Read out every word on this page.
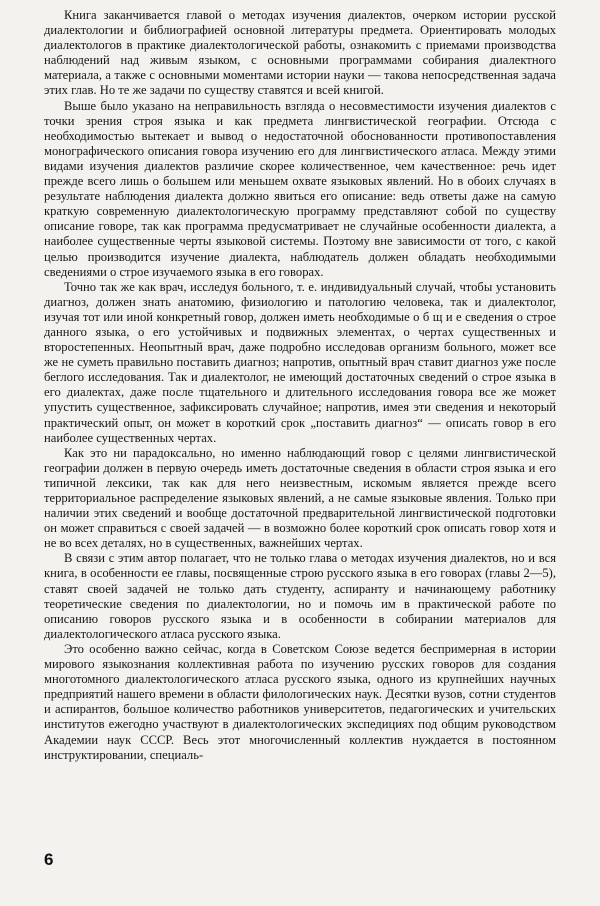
Книга заканчивается главой о методах изучения диалектов, очерком истории русской диалектологии и библиографией основной литературы предмета. Ориентировать молодых диалектологов в практике диалектологической работы, ознакомить с приемами производства наблюдений над живым языком, с основными программами собирания диалектного материала, а также с основными моментами истории науки — такова непосредственная задача этих глав. Но те же задачи по существу ставятся и всей книгой.

Выше было указано на неправильность взгляда о несовместимости изучения диалектов с точки зрения строя языка и как предмета лингвистической географии. Отсюда с необходимостью вытекает и вывод о недостаточной обоснованности противопоставления монографического описания говора изучению его для лингвистического атласа. Между этими видами изучения диалектов различие скорее количественное, чем качественное: речь идет прежде всего лишь о большем или меньшем охвате языковых явлений. Но в обоих случаях в результате наблюдения диалекта должно явиться его описание: ведь ответы даже на самую краткую современную диалектологическую программу представляют собой по существу описание говоре, так как программа предусматривает не случайные особенности диалекта, а наиболее существенные черты языковой системы. Поэтому вне зависимости от того, с какой целью производится изучение диалекта, наблюдатель должен обладать необходимыми сведениями о строе изучаемого языка в его говорах.

Точно так же как врач, исследуя больного, т. е. индивидуальный случай, чтобы установить диагноз, должен знать анатомию, физиологию и патологию человека, так и диалектолог, изучая тот или иной конкретный говор, должен иметь необходимые о б щ и е сведения о строе данного языка, о его устойчивых и подвижных элементах, о чертах существенных и второстепенных. Неопытный врач, даже подробно исследовав организм больного, может все же не суметь правильно поставить диагноз; напротив, опытный врач ставит диагноз уже после беглого исследования. Так и диалектолог, не имеющий достаточных сведений о строе языка в его диалектах, даже после тщательного и длительного исследования говора все же может упустить существенное, зафиксировать случайное; напротив, имея эти сведения и некоторый практический опыт, он может в короткий срок „поставить диагноз“ — описать говор в его наиболее существенных чертах.

Как это ни парадоксально, но именно наблюдающий говор с целями лингвистической географии должен в первую очередь иметь достаточные сведения в области строя языка и его типичной лексики, так как для него неизвестным, искомым является прежде всего территориальное распределение языковых явлений, а не самые языковые явления. Только при наличии этих сведений и вообще достаточной предварительной лингвистической подготовки он может справиться с своей задачей — в возможно более короткий срок описать говор хотя и не во всех деталях, но в существенных, важнейших чертах.

В связи с этим автор полагает, что не только глава о методах изучения диалектов, но и вся книга, в особенности ее главы, посвященные строю русского языка в его говорах (главы 2—5), ставят своей задачей не только дать студенту, аспиранту и начинающему работнику теоретические сведения по диалектологии, но и помочь им в практической работе по описанию говоров русского языка и в особенности в собирании материалов для диалектологического атласа русского языка.

Это особенно важно сейчас, когда в Советском Союзе ведется беспримерная в истории мирового языкознания коллективная работа по изучению русских говоров для создания многотомного диалектологического атласа русского языка, одного из крупнейших научных предприятий нашего времени в области филологических наук. Десятки вузов, сотни студентов и аспирантов, большое количество работников университетов, педагогических и учительских институтов ежегодно участвуют в диалектологических экспедициях под общим руководством Академии наук СССР. Весь этот многочисленный коллектив нуждается в постоянном инструктировании, специаль-

6
